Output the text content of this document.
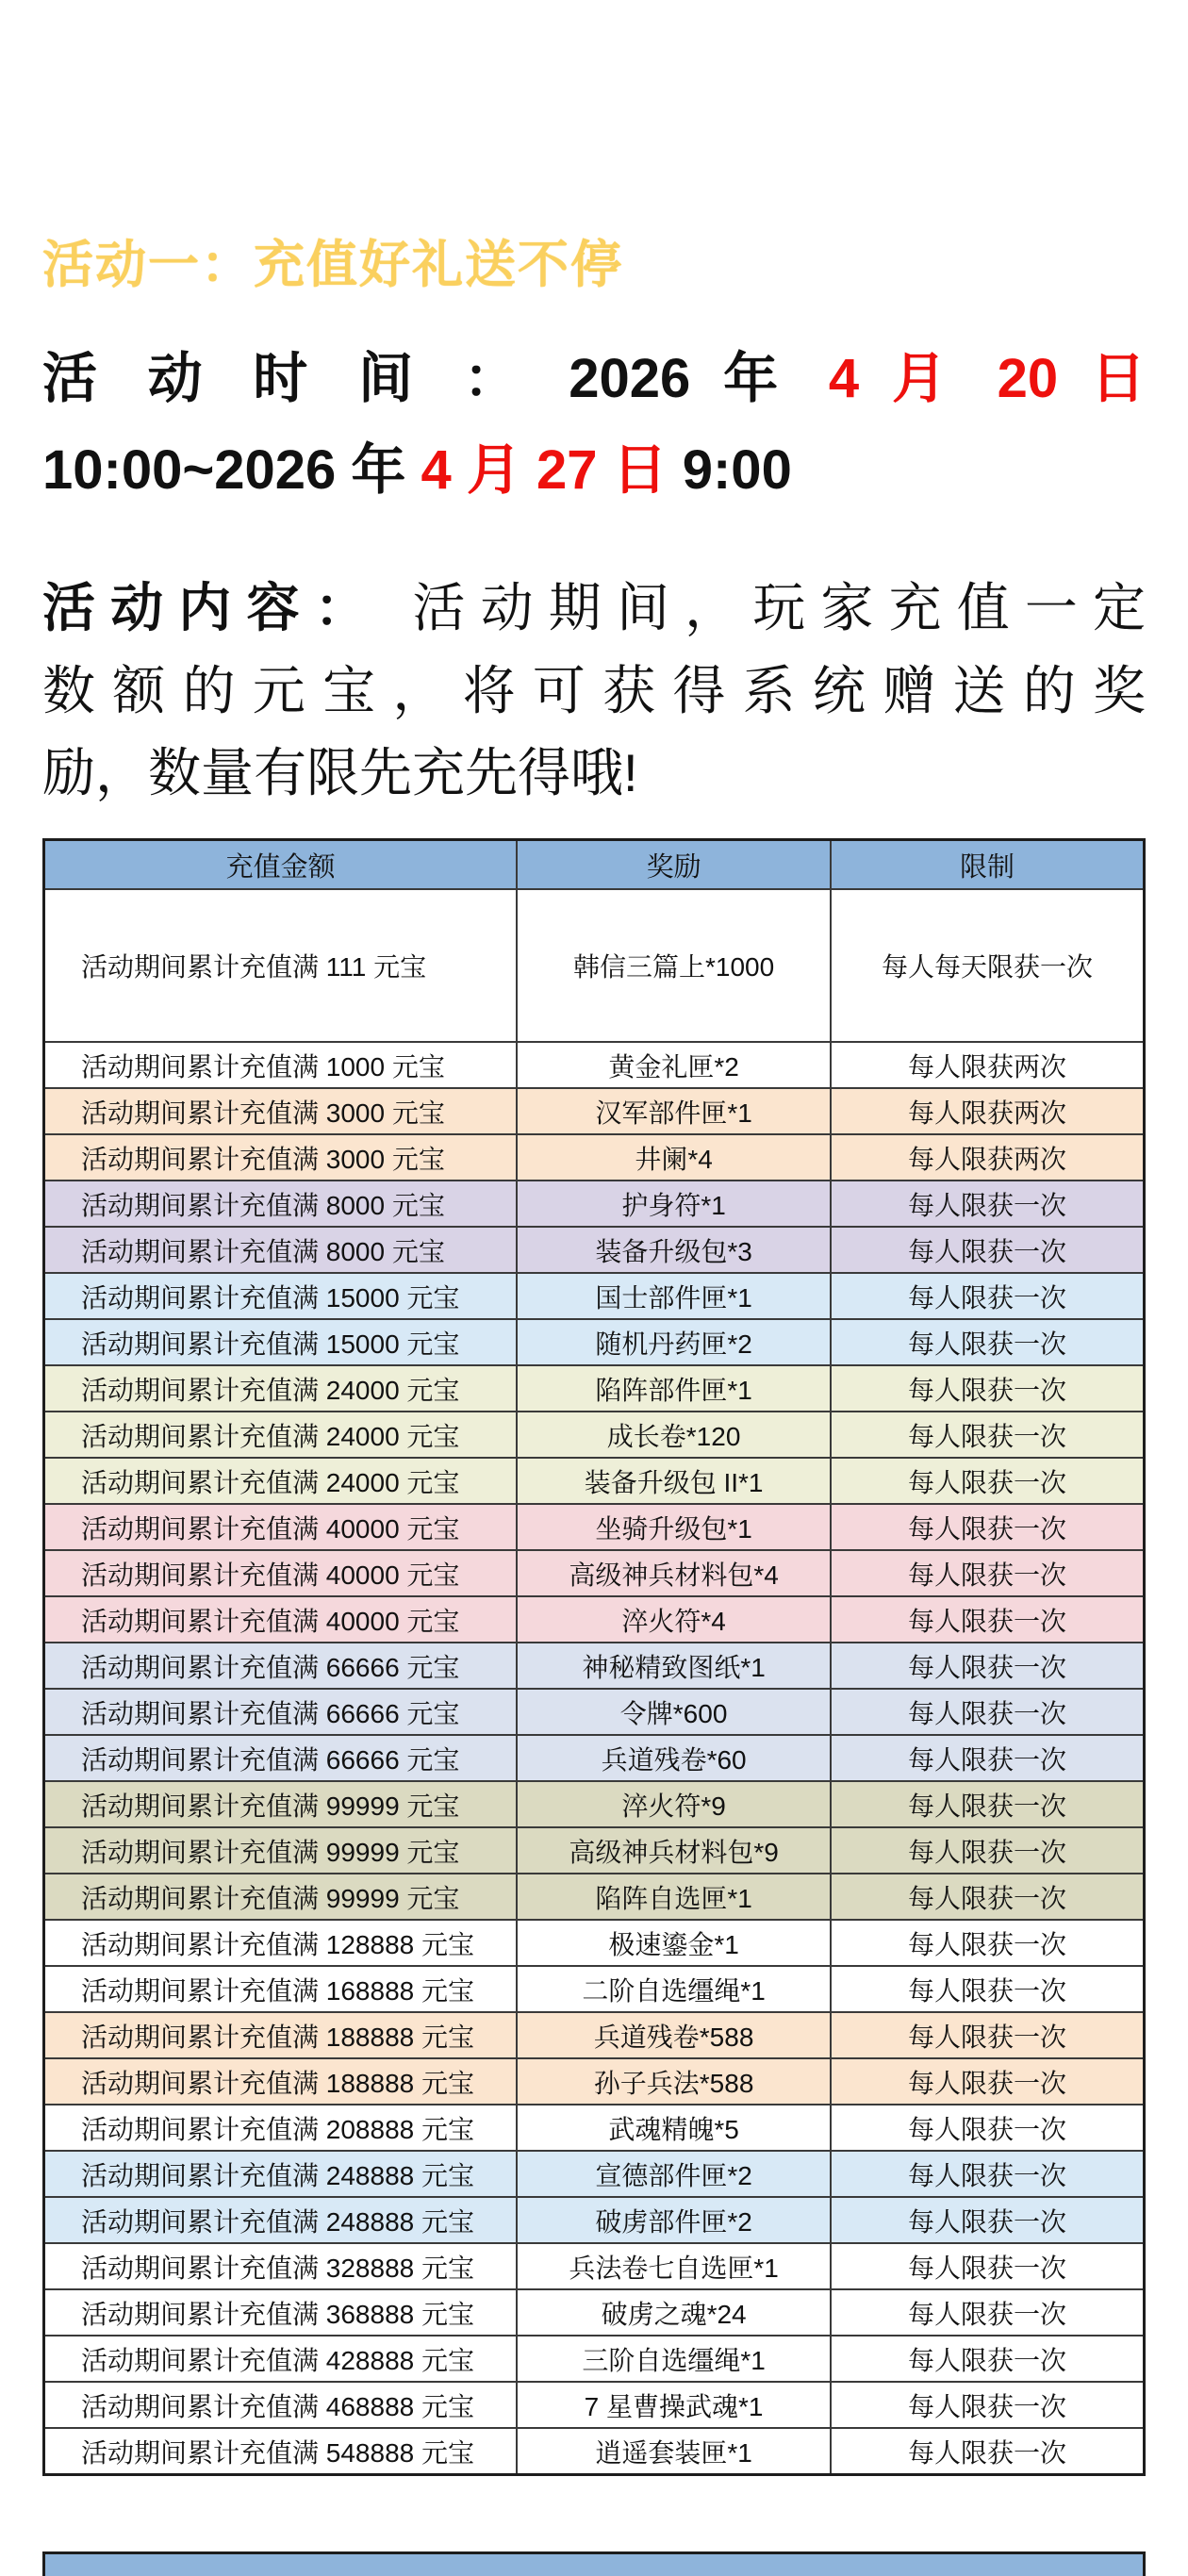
活动一：充值好礼送不停
活 动 时 间 ： 2026 年 4 月 20 日
10:00~2026 年 4 月 27 日 9:00
活动内容： 活动期间，玩家充值一定
数额的元宝，将可获得系统赠送的奖
励，数量有限先充先得哦!
充值金额	奖励	限制
活动期间累计充值满 111 元宝	韩信三篇上*1000	每人每天限获一次
活动期间累计充值满 1000 元宝	黄金礼匣*2	每人限获两次
活动期间累计充值满 3000 元宝	汉军部件匣*1	每人限获两次
活动期间累计充值满 3000 元宝	井阑*4	每人限获两次
活动期间累计充值满 8000 元宝	护身符*1	每人限获一次
活动期间累计充值满 8000 元宝	装备升级包*3	每人限获一次
活动期间累计充值满 15000 元宝	国士部件匣*1	每人限获一次
活动期间累计充值满 15000 元宝	随机丹药匣*2	每人限获一次
活动期间累计充值满 24000 元宝	陷阵部件匣*1	每人限获一次
活动期间累计充值满 24000 元宝	成长卷*120	每人限获一次
活动期间累计充值满 24000 元宝	装备升级包 II*1	每人限获一次
活动期间累计充值满 40000 元宝	坐骑升级包*1	每人限获一次
活动期间累计充值满 40000 元宝	高级神兵材料包*4	每人限获一次
活动期间累计充值满 40000 元宝	淬火符*4	每人限获一次
活动期间累计充值满 66666 元宝	神秘精致图纸*1	每人限获一次
活动期间累计充值满 66666 元宝	令牌*600	每人限获一次
活动期间累计充值满 66666 元宝	兵道残卷*60	每人限获一次
活动期间累计充值满 99999 元宝	淬火符*9	每人限获一次
活动期间累计充值满 99999 元宝	高级神兵材料包*9	每人限获一次
活动期间累计充值满 99999 元宝	陷阵自选匣*1	每人限获一次
活动期间累计充值满 128888 元宝	极速鎏金*1	每人限获一次
活动期间累计充值满 168888 元宝	二阶自选缰绳*1	每人限获一次
活动期间累计充值满 188888 元宝	兵道残卷*588	每人限获一次
活动期间累计充值满 188888 元宝	孙子兵法*588	每人限获一次
活动期间累计充值满 208888 元宝	武魂精魄*5	每人限获一次
活动期间累计充值满 248888 元宝	宣德部件匣*2	每人限获一次
活动期间累计充值满 248888 元宝	破虏部件匣*2	每人限获一次
活动期间累计充值满 328888 元宝	兵法卷七自选匣*1	每人限获一次
活动期间累计充值满 368888 元宝	破虏之魂*24	每人限获一次
活动期间累计充值满 428888 元宝	三阶自选缰绳*1	每人限获一次
活动期间累计充值满 468888 元宝	7 星曹操武魂*1	每人限获一次
活动期间累计充值满 548888 元宝	逍遥套装匣*1	每人限获一次
